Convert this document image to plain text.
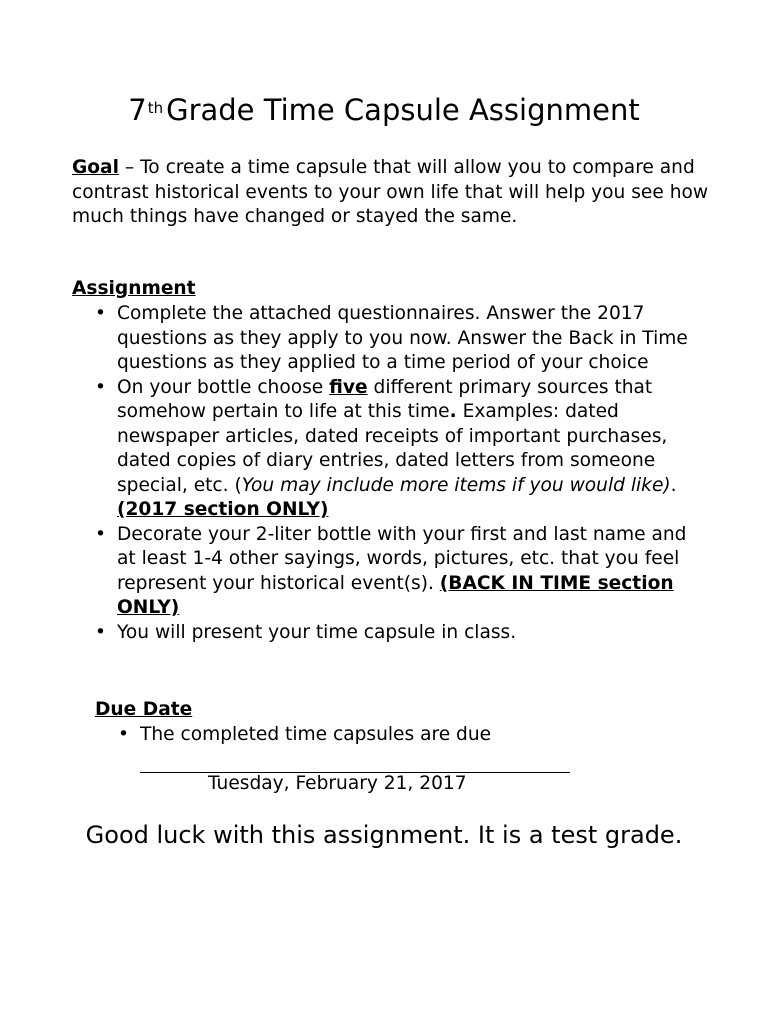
7th Grade Time Capsule Assignment
Goal – To create a time capsule that will allow you to compare and contrast historical events to your own life that will help you see how much things have changed or stayed the same.
Assignment
• Complete the attached questionnaires. Answer the 2017 questions as they apply to you now. Answer the Back in Time questions as they applied to a time period of your choice
• On your bottle choose five different primary sources that somehow pertain to life at this time. Examples: dated newspaper articles, dated receipts of important purchases, dated copies of diary entries, dated letters from someone special, etc. (You may include more items if you would like). (2017 section ONLY)
• Decorate your 2-liter bottle with your first and last name and at least 1-4 other sayings, words, pictures, etc. that you feel represent your historical event(s). (BACK IN TIME section ONLY)
• You will present your time capsule in class.
Due Date
• The completed time capsules are due
Tuesday, February 21, 2017
Good luck with this assignment. It is a test grade.
